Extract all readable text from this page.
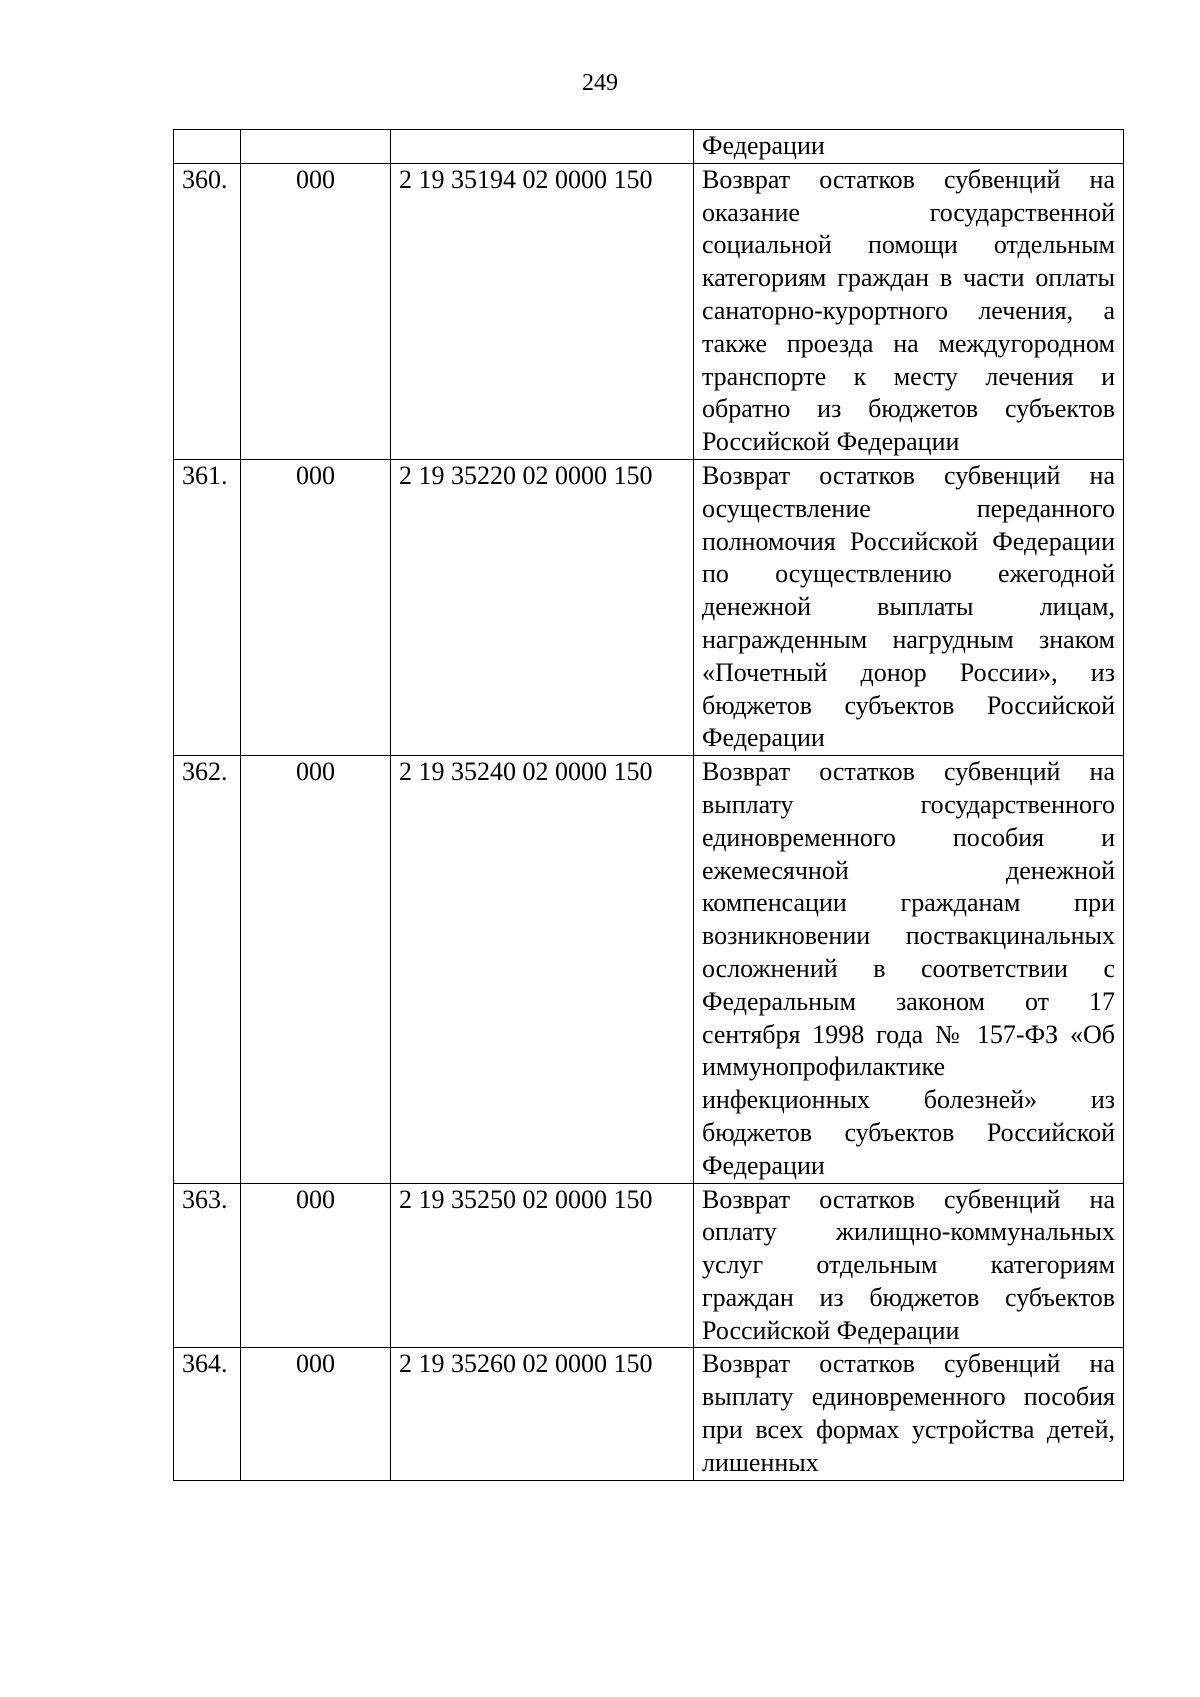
249
			Федерации
360.	000	2 19 35194 02 0000 150	Возврат остатков субвенций на оказание государственной социальной помощи отдельным категориям граждан в части оплаты санаторно-курортного лечения, а также проезда на междугородном транспорте к месту лечения и обратно из бюджетов субъектов Российской Федерации
361.	000	2 19 35220 02 0000 150	Возврат остатков субвенций на осуществление переданного полномочия Российской Федерации по осуществлению ежегодной денежной выплаты лицам, награжденным нагрудным знаком «Почетный донор России», из бюджетов субъектов Российской Федерации
362.	000	2 19 35240 02 0000 150	Возврат остатков субвенций на выплату государственного единовременного пособия и ежемесячной денежной компенсации гражданам при возникновении поствакцинальных осложнений в соответствии с Федеральным законом от 17 сентября 1998 года № 157-ФЗ «Об иммунопрофилактике инфекционных болезней» из бюджетов субъектов Российской Федерации
363.	000	2 19 35250 02 0000 150	Возврат остатков субвенций на оплату жилищно-коммунальных услуг отдельным категориям граждан из бюджетов субъектов Российской Федерации
364.	000	2 19 35260 02 0000 150	Возврат остатков субвенций на выплату единовременного пособия при всех формах устройства детей, лишенных
